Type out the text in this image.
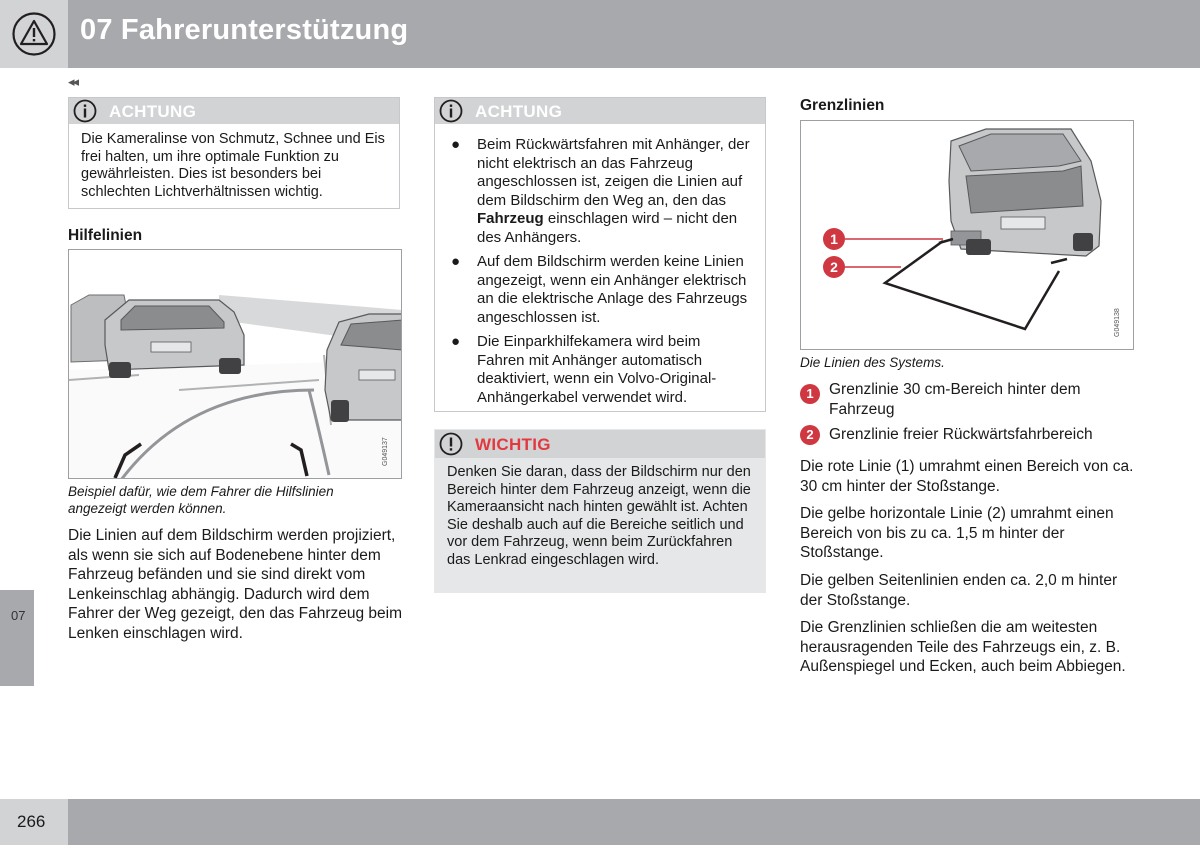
07 Fahrerunterstützung
◂◂
ACHTUNG
Die Kameralinse von Schmutz, Schnee und Eis frei halten, um ihre optimale Funktion zu gewährleisten. Dies ist besonders bei schlechten Lichtverhältnissen wichtig.
Hilfelinien
G049137
Beispiel dafür, wie dem Fahrer die Hilfslinien angezeigt werden können.
Die Linien auf dem Bildschirm werden projiziert, als wenn sie sich auf Bodenebene hinter dem Fahrzeug befänden und sie sind direkt vom Lenkeinschlag abhängig. Dadurch wird dem Fahrer der Weg gezeigt, den das Fahrzeug beim Lenken einschlagen wird.
ACHTUNG
● Beim Rückwärtsfahren mit Anhänger, der nicht elektrisch an das Fahrzeug angeschlossen ist, zeigen die Linien auf dem Bildschirm den Weg an, den das Fahrzeug einschlagen wird – nicht den des Anhängers.
● Auf dem Bildschirm werden keine Linien angezeigt, wenn ein Anhänger elektrisch an die elektrische Anlage des Fahrzeugs angeschlossen ist.
● Die Einparkhilfekamera wird beim Fahren mit Anhänger automatisch deaktiviert, wenn ein Volvo-Original-Anhängerkabel verwendet wird.
WICHTIG
Denken Sie daran, dass der Bildschirm nur den Bereich hinter dem Fahrzeug anzeigt, wenn die Kameraansicht nach hinten gewählt ist. Achten Sie deshalb auch auf die Bereiche seitlich und vor dem Fahrzeug, wenn beim Zurückfahren das Lenkrad eingeschlagen wird.
Grenzlinien
1
2
G049138
Die Linien des Systems.
1 Grenzlinie 30 cm-Bereich hinter dem Fahrzeug
2 Grenzlinie freier Rückwärtsfahrbereich
Die rote Linie (1) umrahmt einen Bereich von ca. 30 cm hinter der Stoßstange.
Die gelbe horizontale Linie (2) umrahmt einen Bereich von bis zu ca. 1,5 m hinter der Stoßstange.
Die gelben Seitenlinien enden ca. 2,0 m hinter der Stoßstange.
Die Grenzlinien schließen die am weitesten herausragenden Teile des Fahrzeugs ein, z. B. Außenspiegel und Ecken, auch beim Abbiegen.
07
266
